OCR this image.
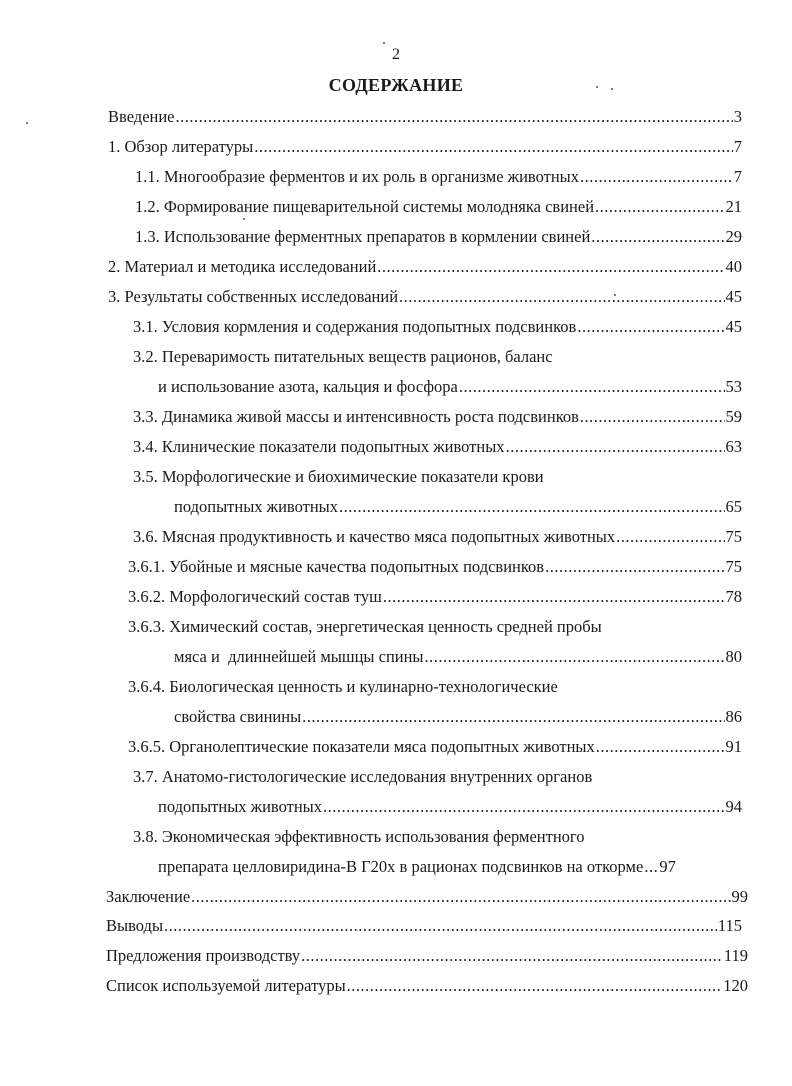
2
СОДЕРЖАНИЕ
Введение .....	3
1. Обзор литературы .....	7
1.1. Многообразие ферментов и их роль в организме животных .....	7
1.2. Формирование пищеварительной системы молодняка свиней .....	21
1.3. Использование ферментных препаратов в кормлении свиней .....	29
2. Материал и методика исследований .....	40
3. Результаты собственных исследований .....	45
3.1. Условия кормления и содержания подопытных подсвинков .....	45
3.2. Переваримость питательных веществ рационов, баланс
и использование азота, кальция и фосфора .....	53
3.3. Динамика живой массы и интенсивность роста подсвинков .....	59
3.4. Клинические показатели подопытных животных .....	63
3.5. Морфологические и биохимические показатели крови
подопытных животных .....	65
3.6. Мясная продуктивность и качество мяса подопытных животных .....	75
3.6.1. Убойные и мясные качества подопытных подсвинков .....	75
3.6.2. Морфологический состав туш .....	78
3.6.3. Химический состав, энергетическая ценность средней пробы
мяса и  длиннейшей мышцы спины .....	80
3.6.4. Биологическая ценность и кулинарно-технологические
свойства свинины .....	86
3.6.5. Органолептические показатели мяса подопытных животных .....	91
3.7. Анатомо-гистологические исследования внутренних органов
подопытных животных .....	94
3.8. Экономическая эффективность использования ферментного
препарата целловиридина-В Г20х в рационах подсвинков на откорме ..... 97
Заключение .....	99
Выводы .....	115
Предложения производству .....	119
Список используемой литературы .....	120
